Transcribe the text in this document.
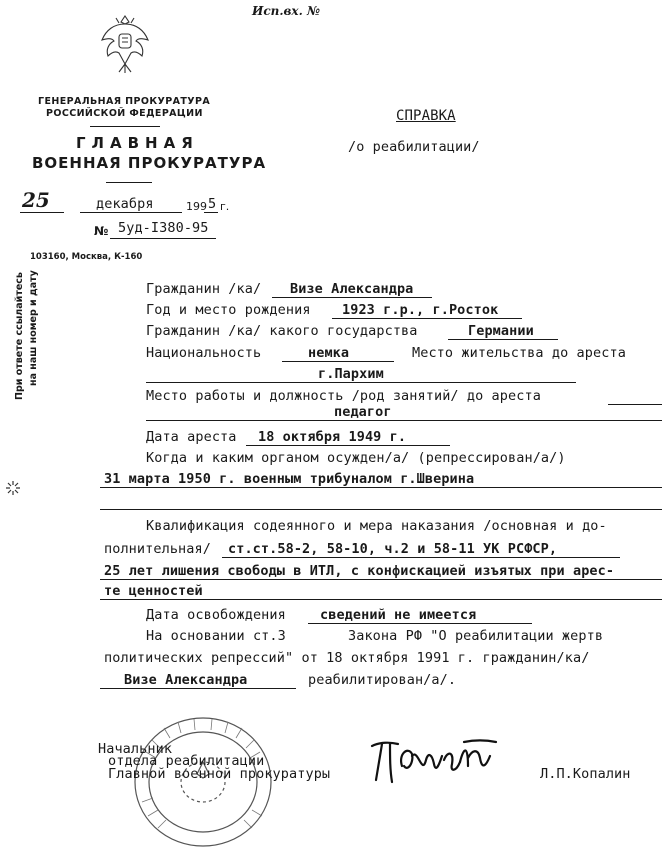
Исп.вх. №
ГЕНЕРАЛЬНАЯ ПРОКУРАТУРА
РОССИЙСКОЙ ФЕДЕРАЦИИ
ГЛАВНАЯ
ВОЕННАЯ ПРОКУРАТУРА
25	декабря	199 5 г.
№ 5уд-I380-95
103160, Москва, К-160
При ответе ссылайтесь на наш номер и дату
СПРАВКА
/о реабилитации/
Гражданин /ка/ Визе Александра
Год и место рождения 1923 г.р., г.Росток
Гражданин /ка/ какого государства	Германии
Национальность	немка	Место жительства до ареста
г.Пархим
Место работы и должность /род занятий/ до ареста
педагог
Дата ареста 18 октября 1949 г.
Когда и каким органом осужден/а/ (репрессирован/а/)
31 марта 1950 г. военным трибуналом г.Шверина
Квалификация содеянного и мера наказания /основная и до-
полнительная/ ст.ст.58-2, 58-10, ч.2 и 58-11 УК РСФСР,
25 лет лишения свободы в ИТЛ, с конфискацией изъятых при арес-
те ценностей
Дата освобождения	сведений не имеется
На основании ст.3	Закона РФ "О реабилитации жертв
политических репрессий" от 18 октября 1991 г. гражданин/ка/
Визе Александра	реабилитирован/а/.
Начальник
отдела реабилитации
Главной военной прокуратуры	Л.П.Копалин
